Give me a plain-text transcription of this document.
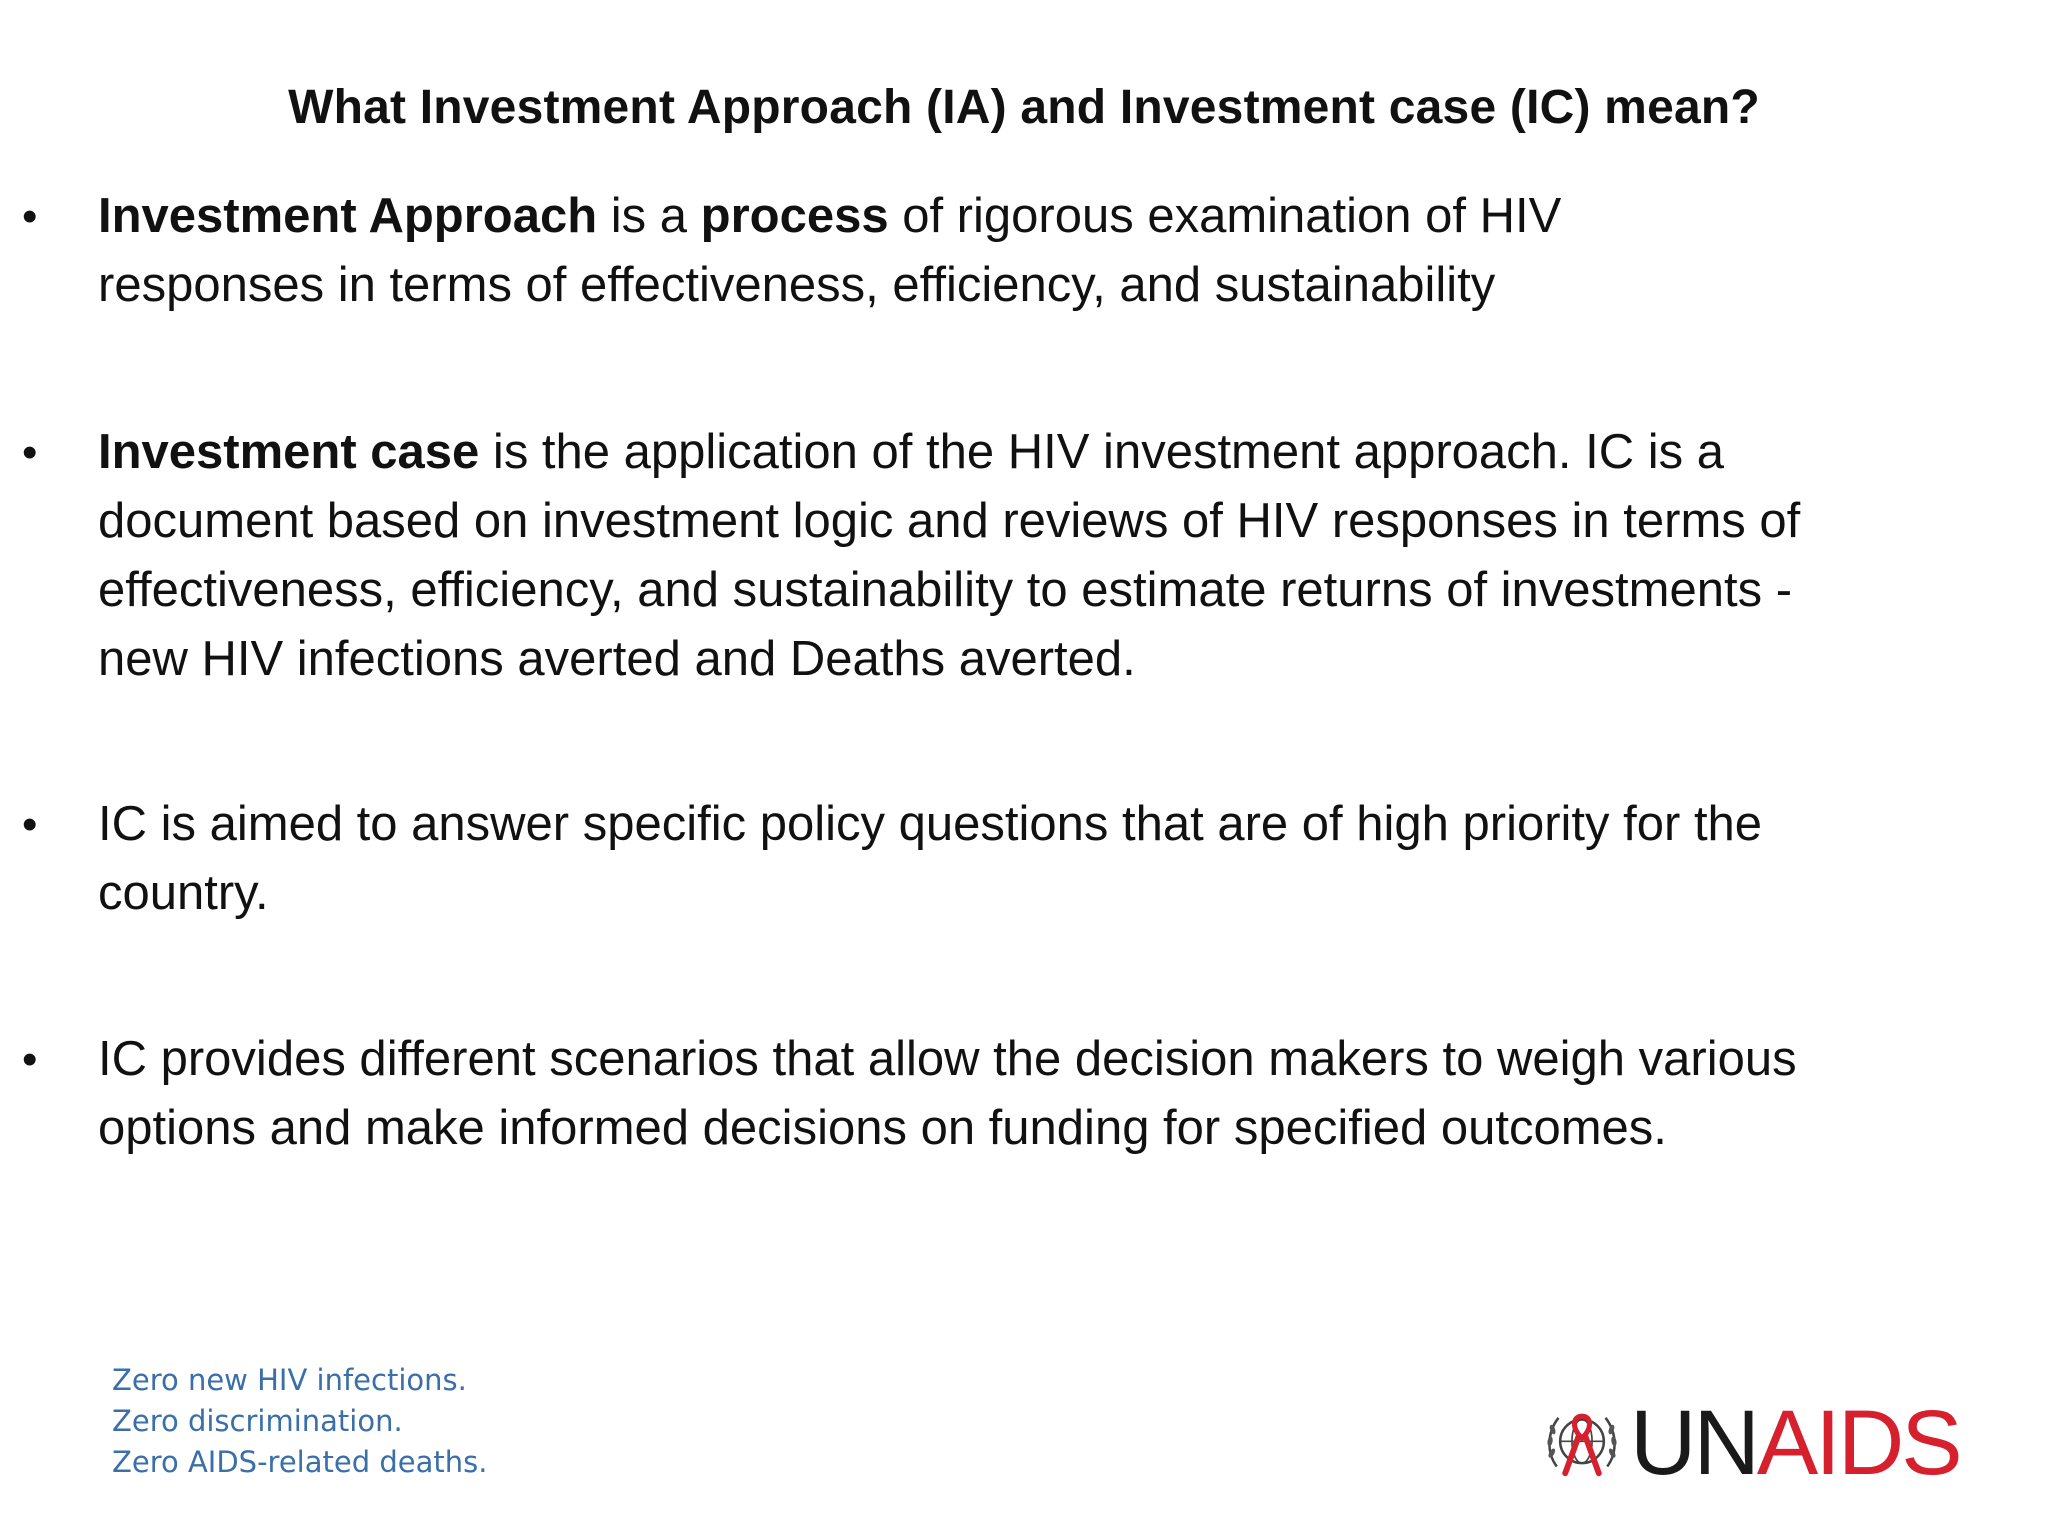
What Investment Approach (IA) and Investment case (IC) mean?
• Investment Approach is a process of rigorous examination of HIV responses in terms of effectiveness, efficiency, and sustainability
• Investment case is the application of the HIV investment approach. IC is a document based on investment logic and reviews of HIV responses in terms of effectiveness, efficiency, and sustainability to estimate returns of investments - new HIV infections averted and Deaths averted.
• IC is aimed to answer specific policy questions that are of high priority for the country.
• IC provides different scenarios that allow the decision makers to weigh various options and make informed decisions on funding for specified outcomes.
Zero new HIV infections.
Zero discrimination.
Zero AIDS-related deaths.	UNAIDS
